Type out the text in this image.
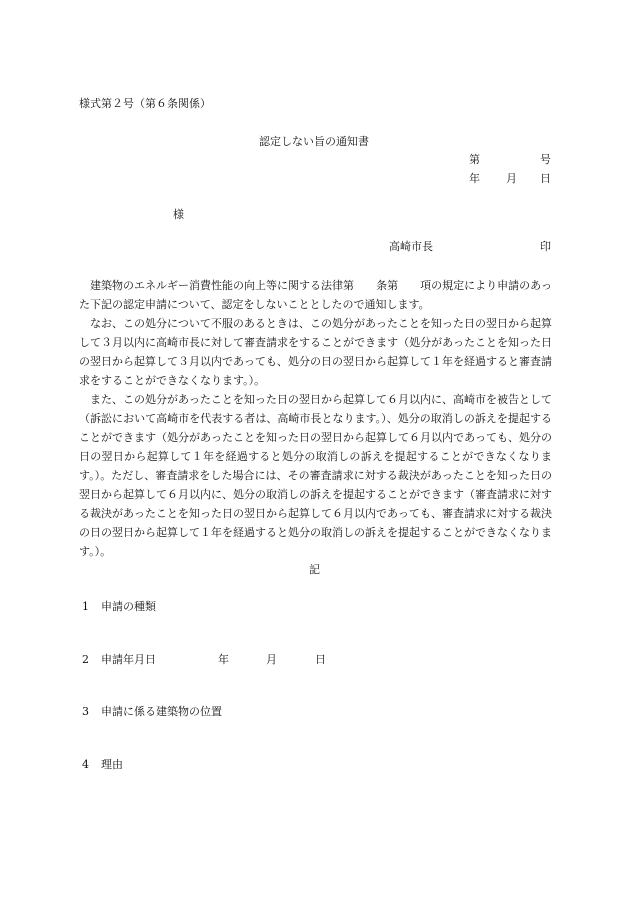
様式第２号（第６条関係）
認定しない旨の通知書
第	号
年 月 日
様
高崎市長	印

建築物のエネルギー消費性能の向上等に関する法律第 条第 項の規定により申請のあった下記の認定申請について、認定をしないこととしたので通知します。

なお、この処分について不服のあるときは、この処分があったことを知った日の翌日から起算して３月以内に高崎市長に対して審査請求をすることができます（処分があったことを知った日の翌日から起算して３月以内であっても、処分の日の翌日から起算して１年を経過すると審査請求をすることができなくなります。）。

また、この処分があったことを知った日の翌日から起算して６月以内に、高崎市を被告として（訴訟において高崎市を代表する者は、高崎市長となります。）、処分の取消しの訴えを提起することができます（処分があったことを知った日の翌日から起算して６月以内であっても、処分の日の翌日から起算して１年を経過すると処分の取消しの訴えを提起することができなくなります。）。ただし、審査請求をした場合には、その審査請求に対する裁決があったことを知った日の翌日から起算して６月以内に、処分の取消しの訴えを提起することができます（審査請求に対する裁決があったことを知った日の翌日から起算して６月以内であっても、審査請求に対する裁決の日の翌日から起算して１年を経過すると処分の取消しの訴えを提起することができなくなります。）。

記
1 申請の種類
2 申請年月日	年	月	日
3 申請に係る建築物の位置
4 理由
